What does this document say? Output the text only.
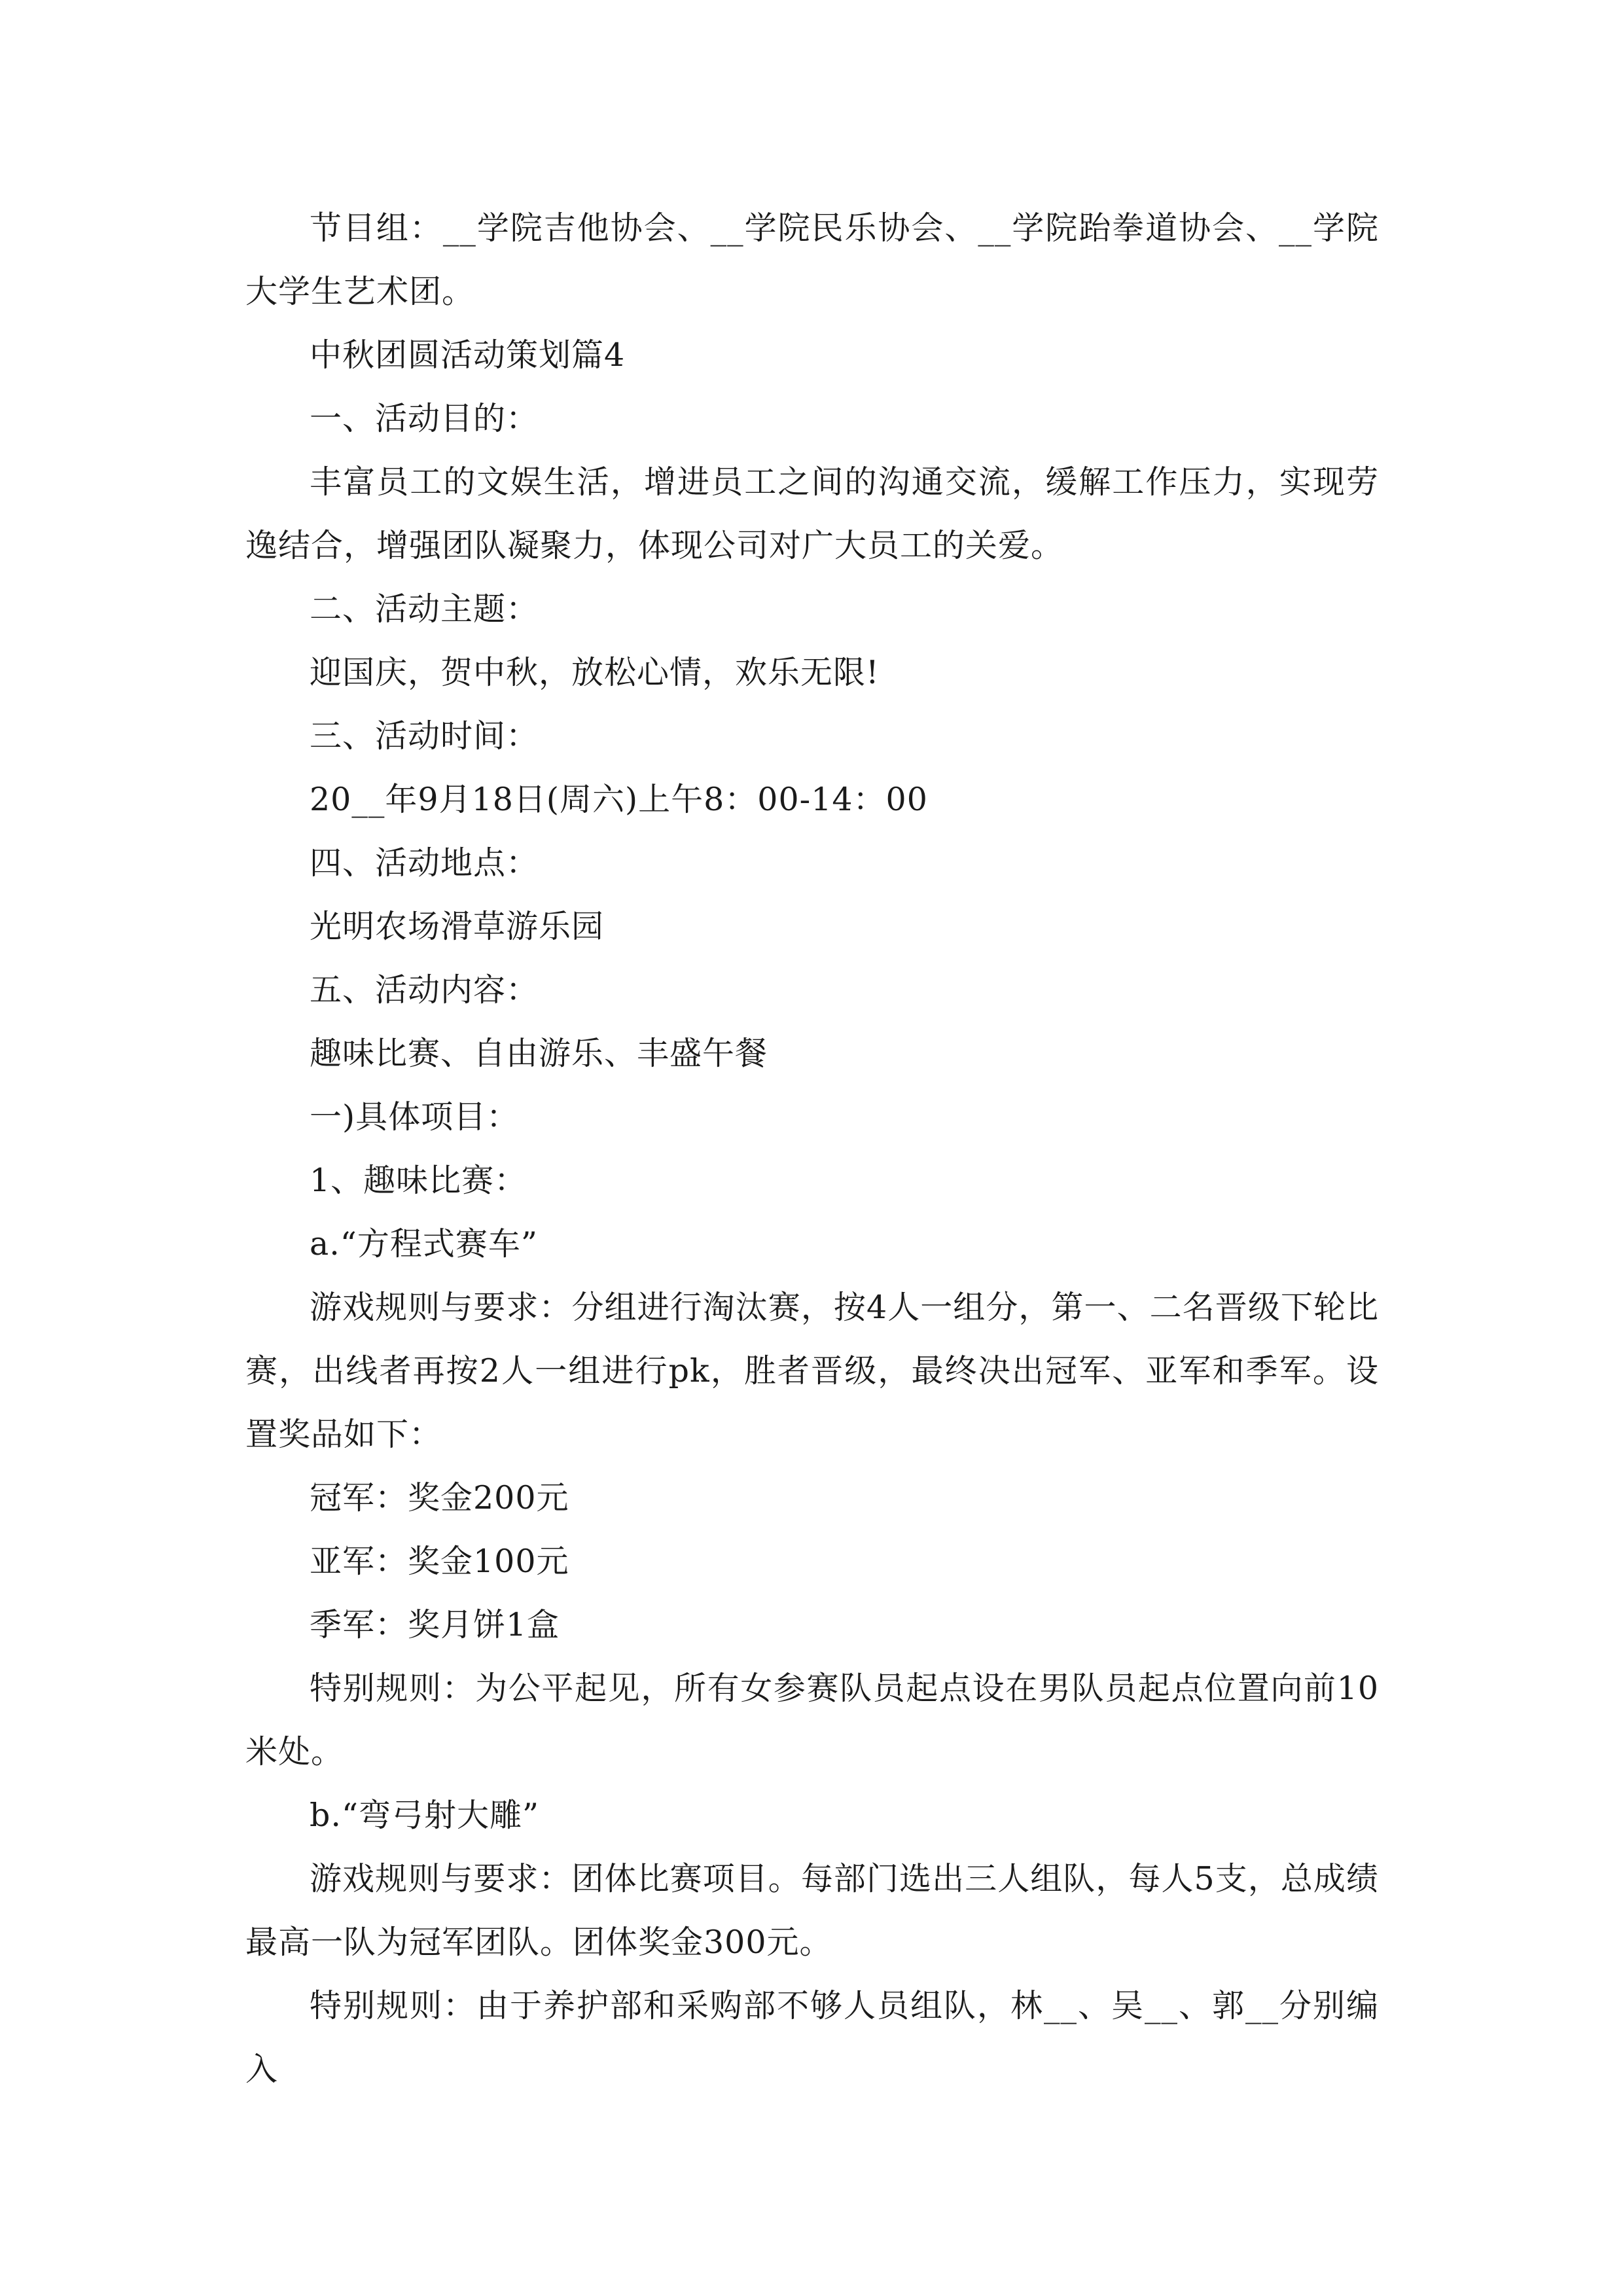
节目组：__学院吉他协会、__学院民乐协会、__学院跆拳道协会、__学院大学生艺术团。

中秋团圆活动策划篇4

一、活动目的：

丰富员工的文娱生活，增进员工之间的沟通交流，缓解工作压力，实现劳逸结合，增强团队凝聚力，体现公司对广大员工的关爱。

二、活动主题：

迎国庆，贺中秋，放松心情，欢乐无限!

三、活动时间：

20__年9月18日(周六)上午8：00-14：00

四、活动地点：

光明农场滑草游乐园

五、活动内容：

趣味比赛、自由游乐、丰盛午餐

一)具体项目：

1、趣味比赛：

a.“方程式赛车”

游戏规则与要求：分组进行淘汰赛，按4人一组分，第一、二名晋级下轮比赛，出线者再按2人一组进行pk，胜者晋级，最终决出冠军、亚军和季军。设置奖品如下：

冠军：奖金200元

亚军：奖金100元

季军：奖月饼1盒

特别规则：为公平起见，所有女参赛队员起点设在男队员起点位置向前10米处。

b.“弯弓射大雕”

游戏规则与要求：团体比赛项目。每部门选出三人组队，每人5支，总成绩最高一队为冠军团队。团体奖金300元。

特别规则：由于养护部和采购部不够人员组队，林__、吴__、郭__分别编入
